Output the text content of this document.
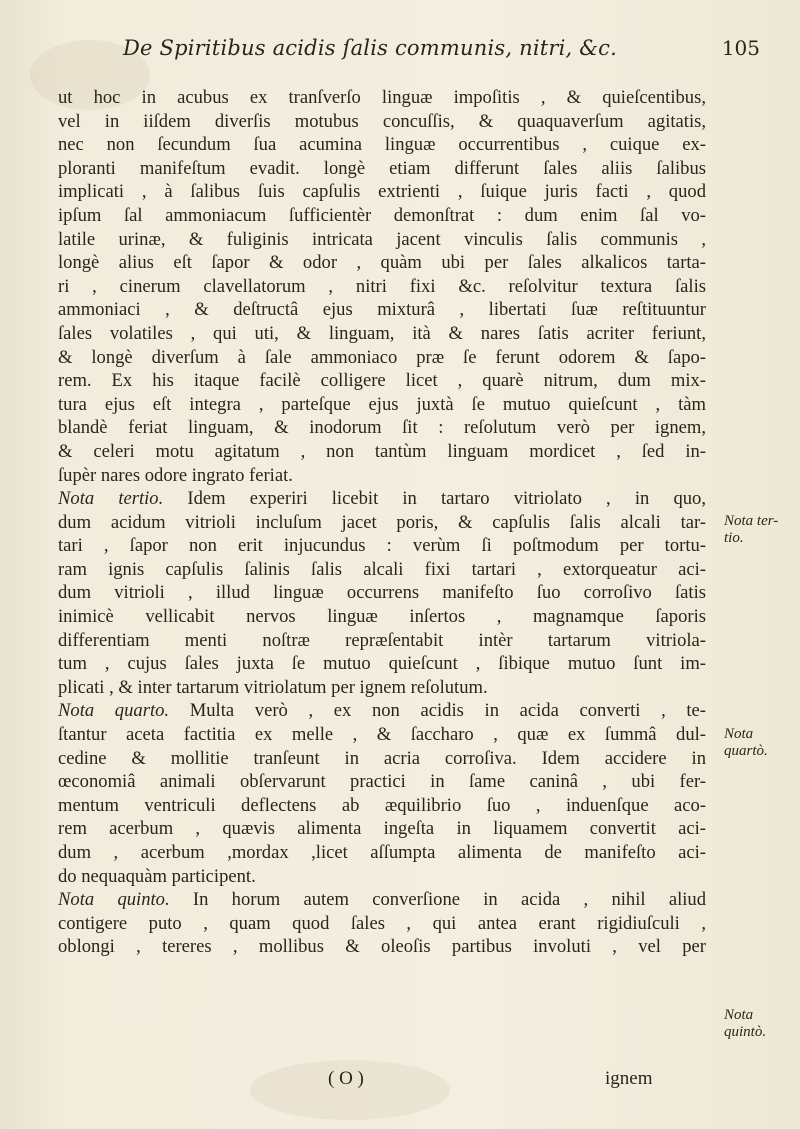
De Spiritibus acidis ſalis communis, nitri, &c.	105
ut hoc in acubus ex tranſverſo linguæ impoſitis , & quieſcentibus,
vel in iiſdem diverſis motubus concuſſis, & quaquaverſum agitatis,
nec non ſecundum ſua acumina linguæ occurrentibus , cuique ex-
ploranti manifeſtum evadit. longè etiam differunt ſales aliis ſalibus
implicati , à ſalibus ſuis capſulis extrienti , ſuique juris facti , quod
ipſum ſal ammoniacum ſufficientèr demonſtrat : dum enim ſal vo-
latile urinæ, & fuliginis intricata jacent vinculis ſalis communis ,
longè alius eſt ſapor & odor , quàm ubi per ſales alkalicos tarta-
ri , cinerum clavellatorum , nitri fixi &c. reſolvitur textura ſalis
ammoniaci , & deſtructâ ejus mixturâ , libertati ſuæ reſtituuntur
ſales volatiles , qui uti, & linguam, ità & nares ſatis acriter feriunt,
& longè diverſum à ſale ammoniaco præ ſe ferunt odorem & ſapo-
rem. Ex his itaque facilè colligere licet , quarè nitrum, dum mix-
tura ejus eſt integra , parteſque ejus juxtà ſe mutuo quieſcunt , tàm
blandè feriat linguam, & inodorum ſit : reſolutum verò per ignem,
& celeri motu agitatum , non tantùm linguam mordicet , ſed in-
ſupèr nares odore ingrato feriat.
Nota tertio. Idem experiri licebit in tartaro vitriolato , in quo,
dum acidum vitrioli incluſum jacet poris, & capſulis ſalis alcali tar-
tari , ſapor non erit injucundus : verùm ſi poſtmodum per tortu-
ram ignis capſulis ſalinis ſalis alcali fixi tartari , extorqueatur aci-
dum vitrioli , illud linguæ occurrens manifeſto ſuo corroſivo ſatis
inimicè vellicabit nervos linguæ inſertos , magnamque ſaporis
differentiam menti noſtræ repræſentabit intèr tartarum vitriola-
tum , cujus ſales juxta ſe mutuo quieſcunt , ſibique mutuo ſunt im-
plicati , & inter tartarum vitriolatum per ignem reſolutum.
Nota quarto. Multa verò , ex non acidis in acida converti , te-
ſtantur aceta factitia ex melle , & ſaccharo , quæ ex ſummâ dul-
cedine & mollitie tranſeunt in acria corroſiva. Idem accidere in
œconomiâ animali obſervarunt practici in ſame caninâ , ubi fer-
mentum ventriculi deflectens ab æquilibrio ſuo , induenſque aco-
rem acerbum , quævis alimenta ingeſta in liquamem convertit aci-
dum , acerbum ,mordax ,licet aſſumpta alimenta de manifeſto aci-
do nequaquàm participent.
Nota quinto. In horum autem converſione in acida , nihil aliud
contigere puto , quam quod ſales , qui antea erant rigidiuſculi ,
oblongi , tereres , mollibus & oleoſis partibus involuti , vel per
Nota ter-
tio.
Nota
quartò.
Nota
quintò.
( O )	ignem
